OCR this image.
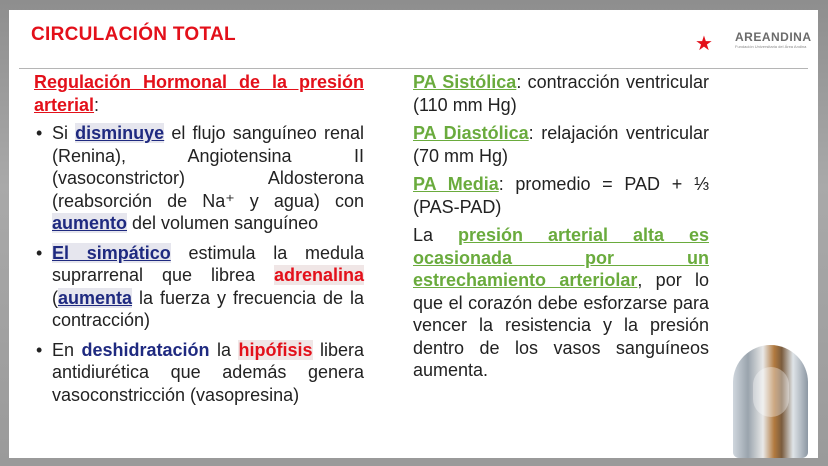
CIRCULACIÓN TOTAL	★ AREANDINA
Fundación Universitaria del Área Andina

Regulación Hormonal de la presión arterial:

• Si disminuye el flujo sanguíneo renal (Renina), Angiotensina II (vasoconstrictor) Aldosterona (reabsorción de Na⁺ y agua) con aumento del volumen sanguíneo
• El simpático estimula la medula suprarrenal que librea adrenalina (aumenta la fuerza y frecuencia de la contracción)
• En deshidratación la hipófisis libera antidiurética que además genera vasoconstricción (vasopresina)

PA Sistólica: contracción ventricular (110 mm Hg)

PA Diastólica: relajación ventricular (70 mm Hg)

PA Media: promedio = PAD + ⅓ (PAS-PAD)

La presión arterial alta es ocasionada por un estrechamiento arteriolar, por lo que el corazón debe esforzarse para vencer la resistencia y la presión dentro de los vasos sanguíneos aumenta.
